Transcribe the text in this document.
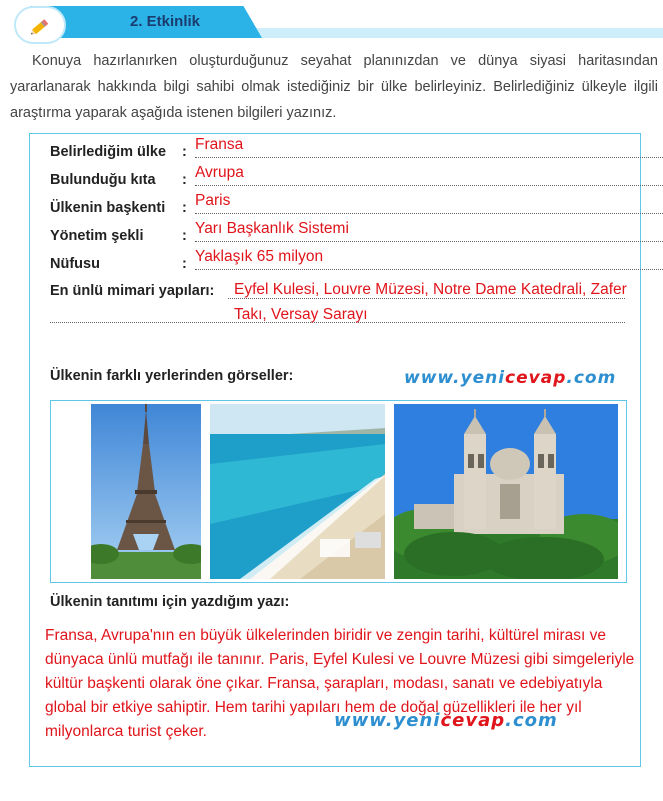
2. Etkinlik
Konuya hazırlanırken oluşturduğunuz seyahat planınızdan ve dünya siyasi haritasından yararlanarak hakkında bilgi sahibi olmak istediğiniz bir ülke belirleyiniz. Belirlediğiniz ülkeyle ilgili araştırma yaparak aşağıda istenen bilgileri yazınız.
Belirlediğim ülke : Fransa
Bulunduğu kıta : Avrupa
Ülkenin başkenti : Paris
Yönetim şekli	: Yarı Başkanlık Sistemi
Nüfusu	: Yaklaşık 65 milyon
En ünlü mimari yapıları: Eyfel Kulesi, Louvre Müzesi, Notre Dame Katedrali, Zafer Takı, Versay Sarayı
Ülkenin farklı yerlerinden görseller:	www.yenicevap.com
Ülkenin tanıtımı için yazdığım yazı:
Fransa, Avrupa'nın en büyük ülkelerinden biridir ve zengin tarihi, kültürel mirası ve dünyaca ünlü mutfağı ile tanınır. Paris, Eyfel Kulesi ve Louvre Müzesi gibi simgeleriyle kültür başkenti olarak öne çıkar. Fransa, şarapları, modası, sanatı ve edebiyatıyla global bir etkiye sahiptir. Hem tarihi yapıları hem de doğal güzellikleri ile her yıl milyonlarca turist çeker.
www.yenicevap.com
